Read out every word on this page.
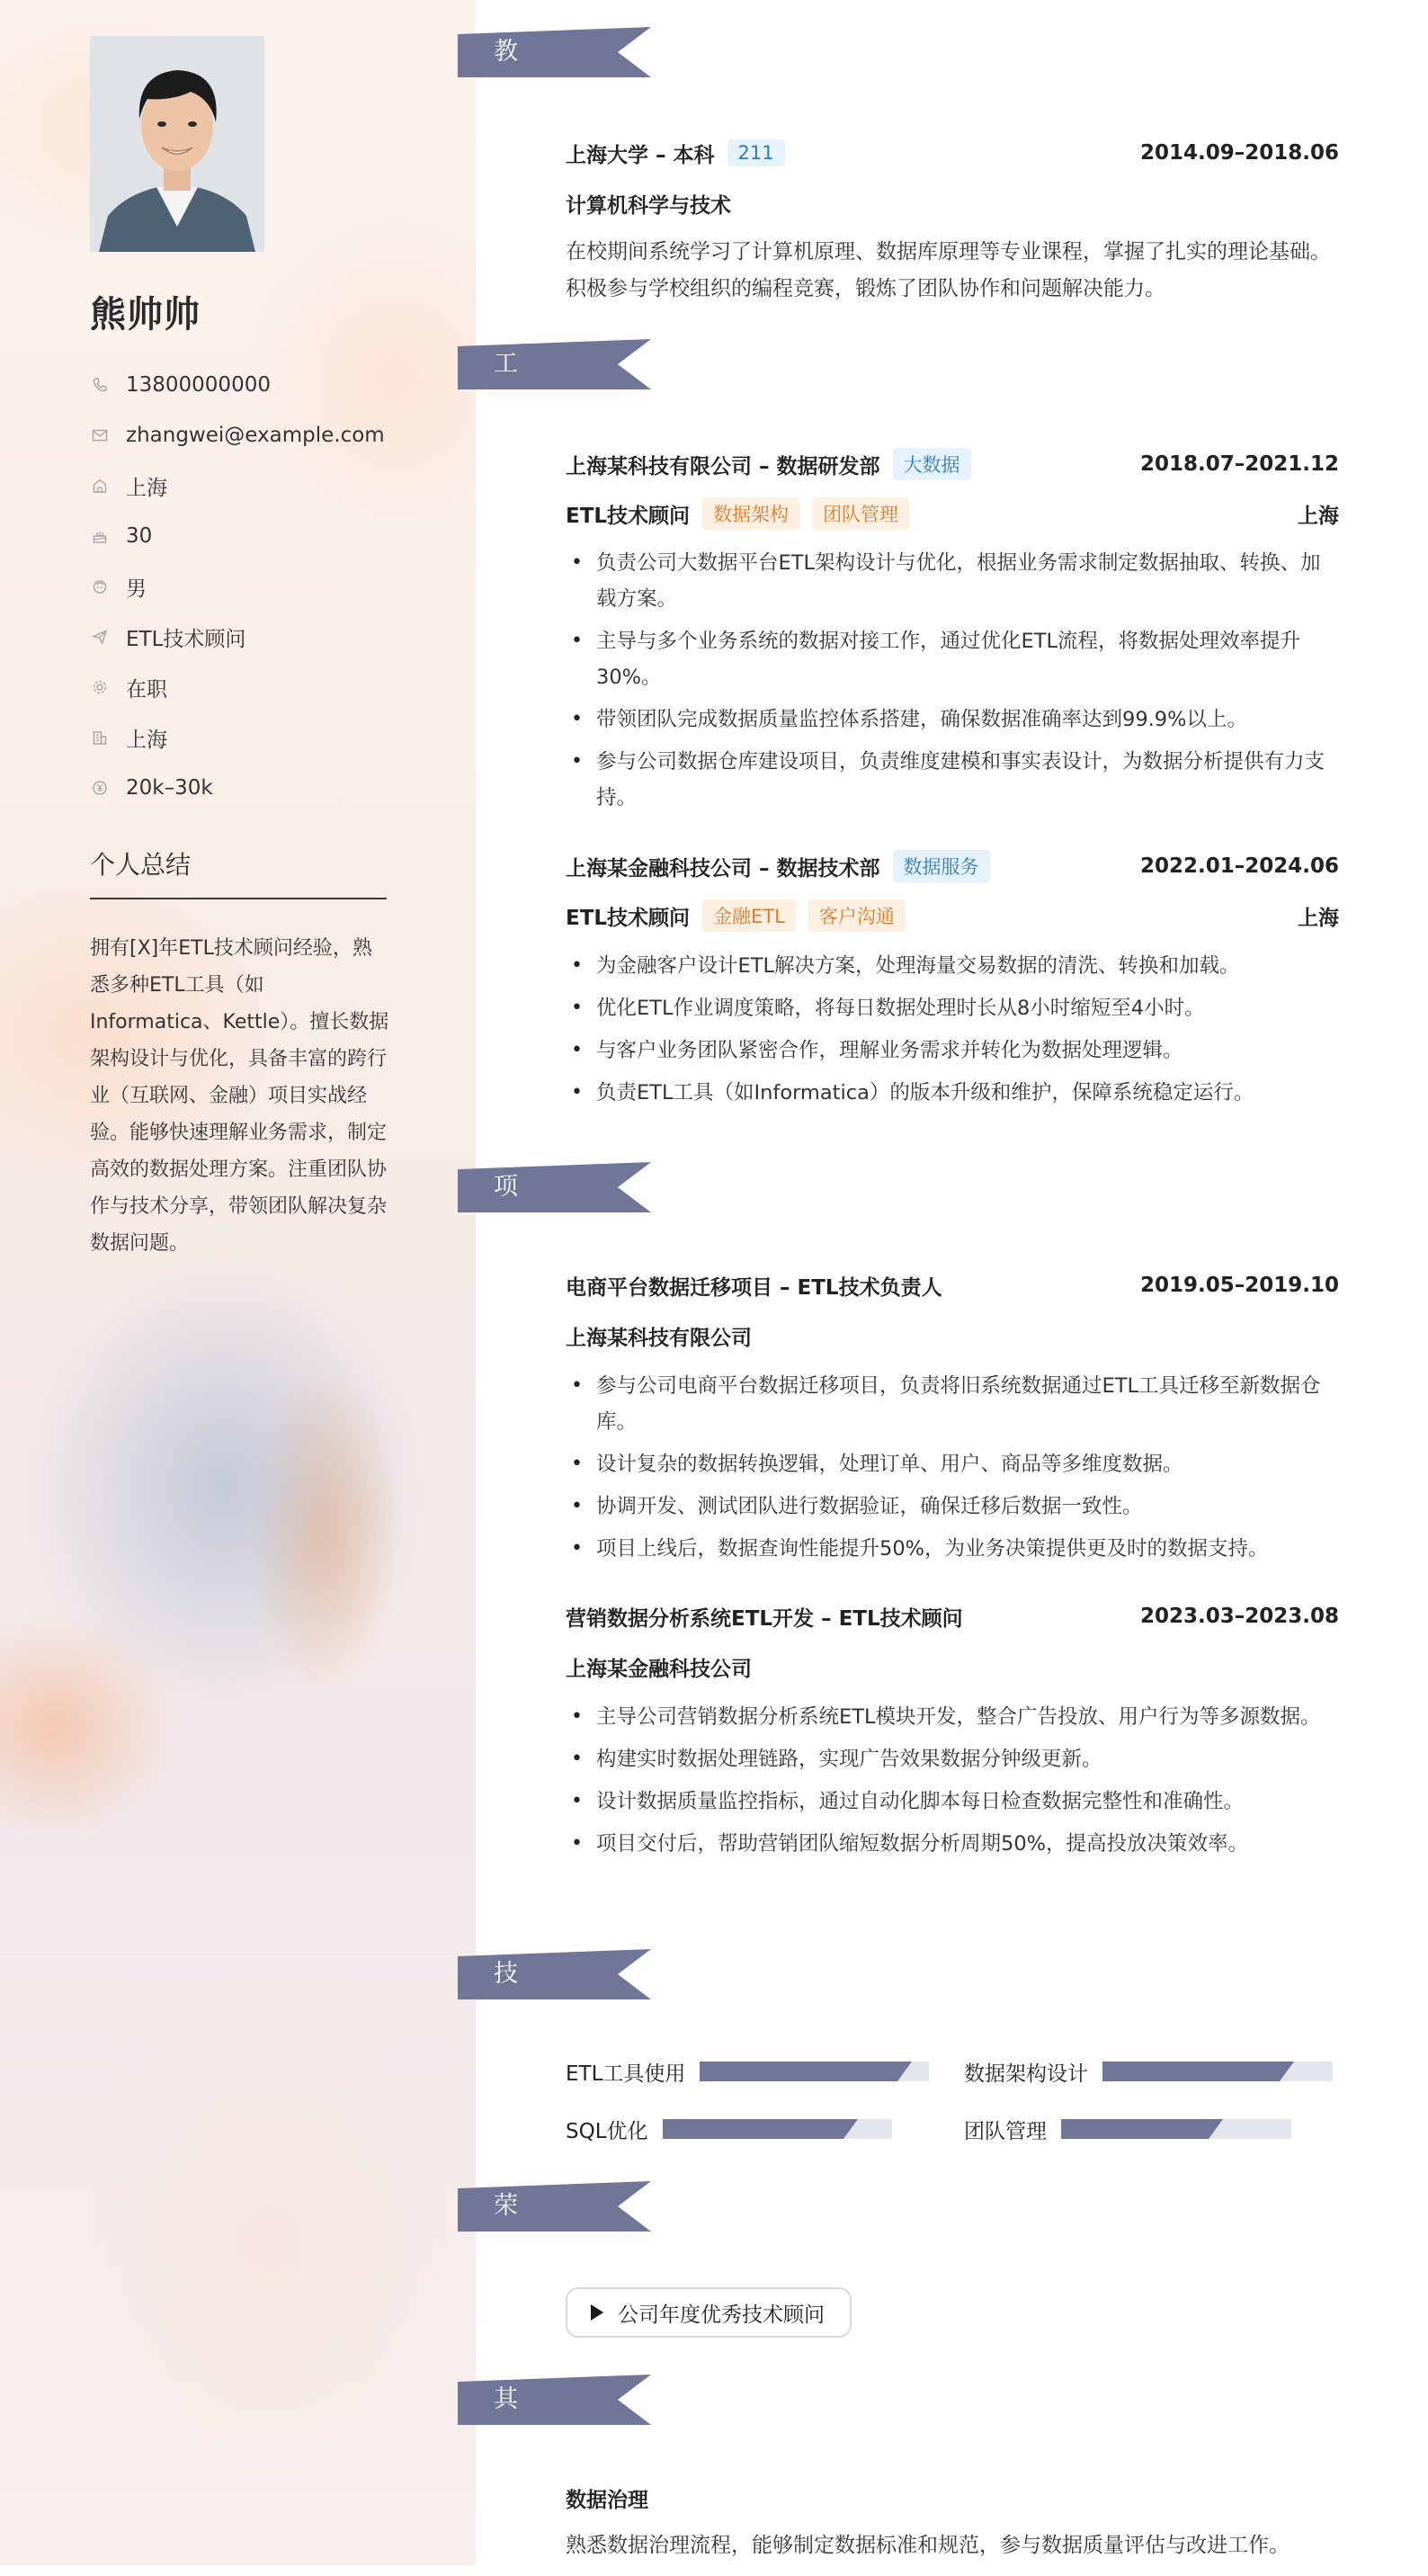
熊帅帅
13800000000
zhangwei@example.com
上海
30
男
ETL技术顾问
在职
上海
20k–30k
个人总结
拥有[X]年ETL技术顾问经验，熟悉多种ETL工具（如Informatica、Kettle）。擅长数据架构设计与优化，具备丰富的跨行业（互联网、金融）项目实战经验。能够快速理解业务需求，制定高效的数据处理方案。注重团队协作与技术分享，带领团队解决复杂数据问题。
教育经历
上海大学 – 本科	211	2014.09–2018.06
计算机科学与技术

在校期间系统学习了计算机原理、数据库原理等专业课程，掌握了扎实的理论基础。积极参与学校组织的编程竞赛，锻炼了团队协作和问题解决能力。

工作经历
上海某科技有限公司 – 数据研发部	大数据	2018.07–2021.12
ETL技术顾问	数据架构	团队管理	上海
• 负责公司大数据平台ETL架构设计与优化，根据业务需求制定数据抽取、转换、加载方案。
• 主导与多个业务系统的数据对接工作，通过优化ETL流程，将数据处理效率提升30%。
• 带领团队完成数据质量监控体系搭建，确保数据准确率达到99.9%以上。
• 参与公司数据仓库建设项目，负责维度建模和事实表设计，为数据分析提供有力支持。
上海某金融科技公司 – 数据技术部	数据服务	2022.01–2024.06
ETL技术顾问	金融ETL	客户沟通	上海
• 为金融客户设计ETL解决方案，处理海量交易数据的清洗、转换和加载。
• 优化ETL作业调度策略，将每日数据处理时长从8小时缩短至4小时。
• 与客户业务团队紧密合作，理解业务需求并转化为数据处理逻辑。
• 负责ETL工具（如Informatica）的版本升级和维护，保障系统稳定运行。
项目经历
电商平台数据迁移项目 – ETL技术负责人	2019.05–2019.10
上海某科技有限公司
• 参与公司电商平台数据迁移项目，负责将旧系统数据通过ETL工具迁移至新数据仓库。
• 设计复杂的数据转换逻辑，处理订单、用户、商品等多维度数据。
• 协调开发、测试团队进行数据验证，确保迁移后数据一致性。
• 项目上线后，数据查询性能提升50%，为业务决策提供更及时的数据支持。
营销数据分析系统ETL开发 – ETL技术顾问	2023.03–2023.08
上海某金融科技公司
• 主导公司营销数据分析系统ETL模块开发，整合广告投放、用户行为等多源数据。
• 构建实时数据处理链路，实现广告效果数据分钟级更新。
• 设计数据质量监控指标，通过自动化脚本每日检查数据完整性和准确性。
• 项目交付后，帮助营销团队缩短数据分析周期50%，提高投放决策效率。
技能专长
ETL工具使用	数据架构设计
SQL优化	团队管理
荣誉奖项
公司年度优秀技术顾问
其他信息
数据治理

熟悉数据治理流程，能够制定数据标准和规范，参与数据质量评估与改进工作。
